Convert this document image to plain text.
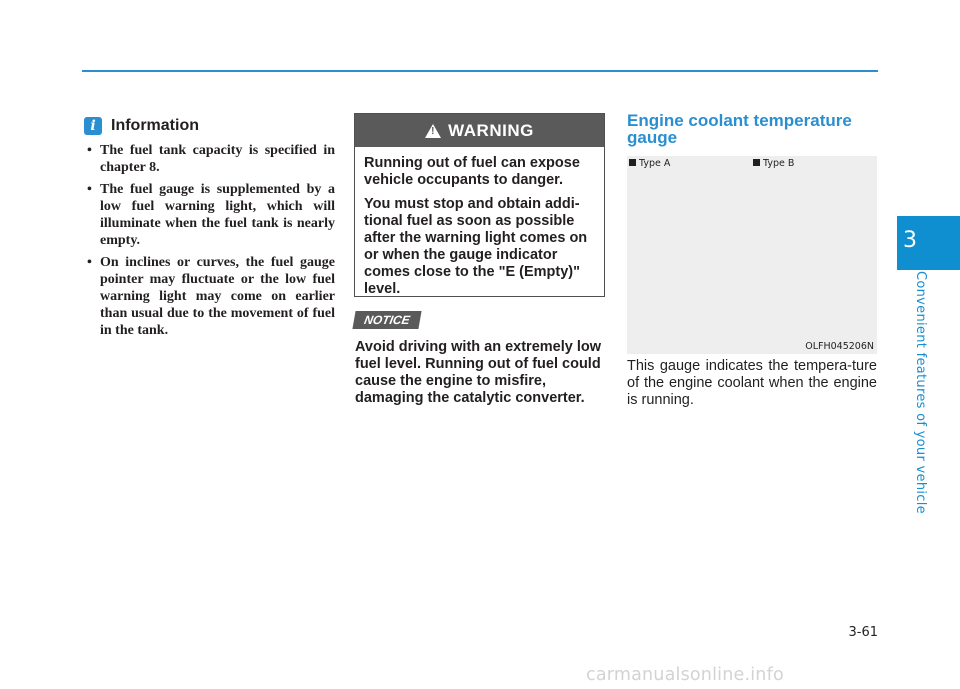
3
Convenient features of your vehicle
i Information
• The fuel tank capacity is specified in chapter 8.
• The fuel gauge is supplemented by a low fuel warning light, which will illuminate when the fuel tank is nearly empty.
• On inclines or curves, the fuel gauge pointer may fluctuate or the low fuel warning light may come on earlier than usual due to the movement of fuel in the tank.
! WARNING

Running out of fuel can expose vehicle occupants to danger.

You must stop and obtain addi-tional fuel as soon as possible after the warning light comes on or when the gauge indicator comes close to the "E (Empty)" level.

NOTICE

Avoid driving with an extremely low fuel level. Running out of fuel could cause the engine to misfire, damaging the catalytic converter.

Engine coolant temperature gauge
Type A	Type B
OLFH045206N

This gauge indicates the tempera-ture of the engine coolant when the engine is running.

3-61
carmanualsonline.info
